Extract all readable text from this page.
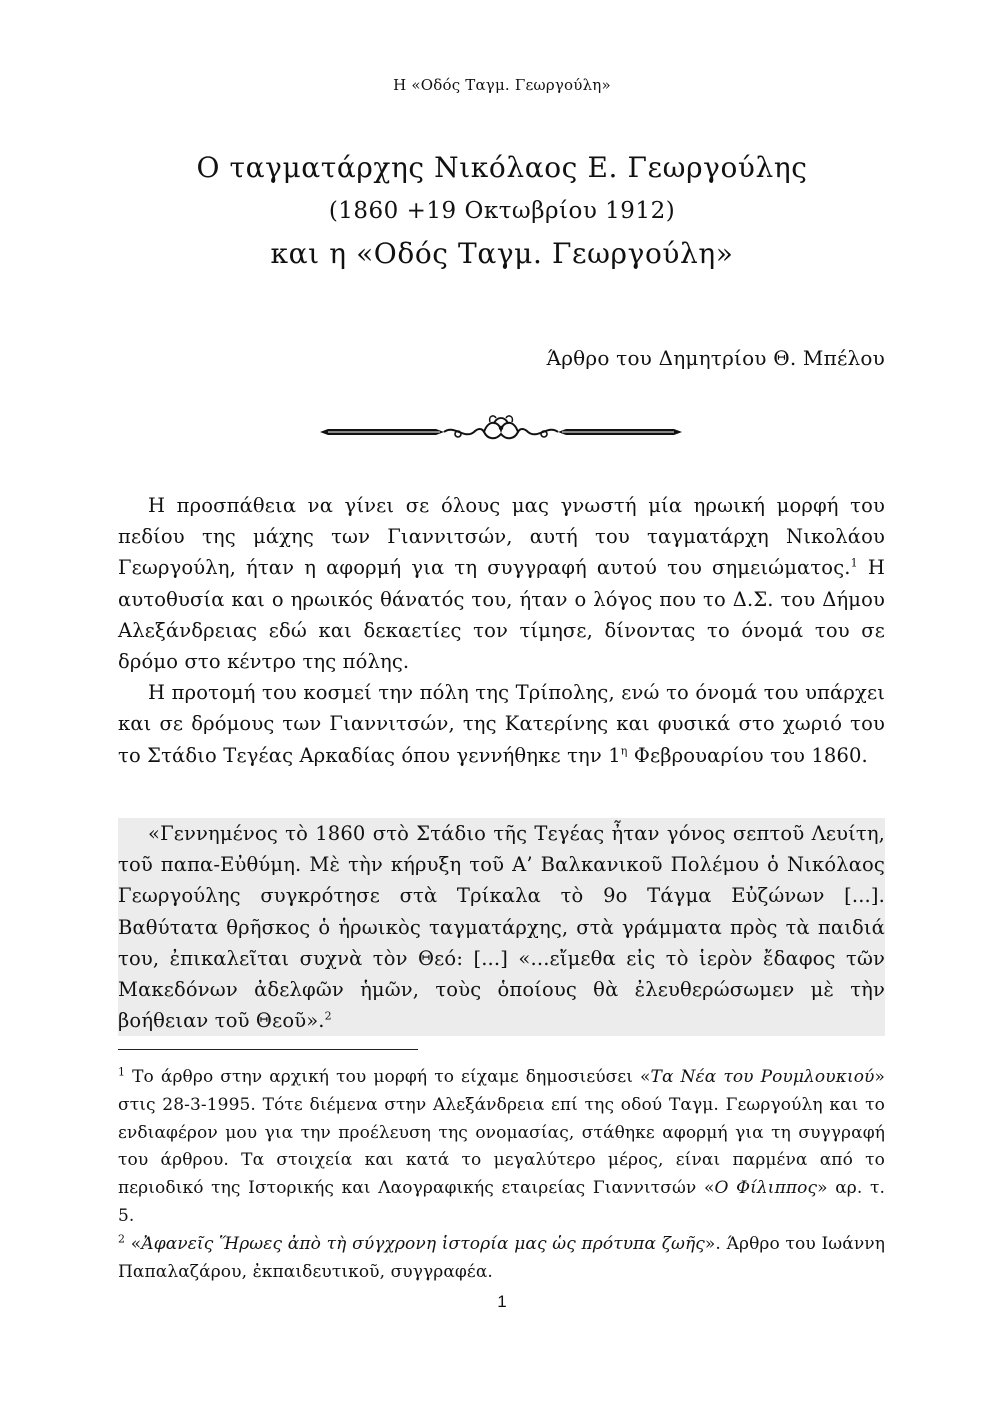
Η «Οδός Ταγμ. Γεωργούλη»
Ο ταγματάρχης Νικόλαος Ε. Γεωργούλης
(1860 +19 Οκτωβρίου 1912)
και η «Οδός Ταγμ. Γεωργούλη»
Άρθρο του Δημητρίου Θ. Μπέλου

Η προσπάθεια να γίνει σε όλους μας γνωστή μία ηρωική μορφή του πεδίου της μάχης των Γιαννιτσών, αυτή του ταγματάρχη Νικολάου Γεωργούλη, ήταν η αφορμή για τη συγγραφή αυτού του σημειώματος.$^1$ Η αυτοθυσία και ο ηρωικός θάνατός του, ήταν ο λόγος που το Δ.Σ. του Δήμου Αλεξάνδρειας εδώ και δεκαετίες τον τίμησε, δίνοντας το όνομά του σε δρόμο στο κέντρο της πόλης.

Η προτομή του κοσμεί την πόλη της Τρίπολης, ενώ το όνομά του υπάρχει και σε δρόμους των Γιαννιτσών, της Κατερίνης και φυσικά στο χωριό του το Στάδιο Τεγέας Αρκαδίας όπου γεννήθηκε την $1^\eta$ Φεβρουαρίου του 1860.

«Γεννημένος τὸ 1860 στὸ Στάδιο τῆς Τεγέας ἦταν γόνος σεπτοῦ Λευίτη, τοῦ παπα-Εὐθύμη. Μὲ τὴν κήρυξη τοῦ Α’ Βαλκανικοῦ Πολέμου ὁ Νικόλαος Γεωργούλης συγκρότησε στὰ Τρίκαλα τὸ 9ο Τάγμα Εὐζώνων [...]. Βαθύτατα θρῆσκος ὁ ἡρωικὸς ταγματάρχης, στὰ γράμματα πρὸς τὰ παιδιά του, ἐπικαλεῖται συχνὰ τὸν Θεό: [...] «...εἴμεθα εἰς τὸ ἱερὸν ἔδαφος τῶν Μακεδόνων ἀδελφῶν ἡμῶν, τοὺς ὁποίους θὰ ἐλευθερώσωμεν μὲ τὴν βοήθειαν τοῦ Θεοῦ».$^2$

$^1$ Το άρθρο στην αρχική του μορφή το είχαμε δημοσιεύσει «Τα Νέα του Ρουμλουκιού» στις 28-3-1995. Τότε διέμενα στην Αλεξάνδρεια επί της οδού Ταγμ. Γεωργούλη και το ενδιαφέρον μου για την προέλευση της ονομασίας, στάθηκε αφορμή για τη συγγραφή του άρθρου. Τα στοιχεία και κατά το μεγαλύτερο μέρος, είναι παρμένα από το περιοδικό της Ιστορικής και Λαογραφικής εταιρείας Γιαννιτσών «Ο Φίλιππος» αρ. τ. 5.

$^2$ «Ἀφανεῖς Ἥρωες ἀπὸ τὴ σύγχρονη ἱστορία μας ὡς πρότυπα ζωῆς». Άρθρο του Ιωάννη Παπαλαζάρου, ἐκπαιδευτικοῦ, συγγραφέα.

1
